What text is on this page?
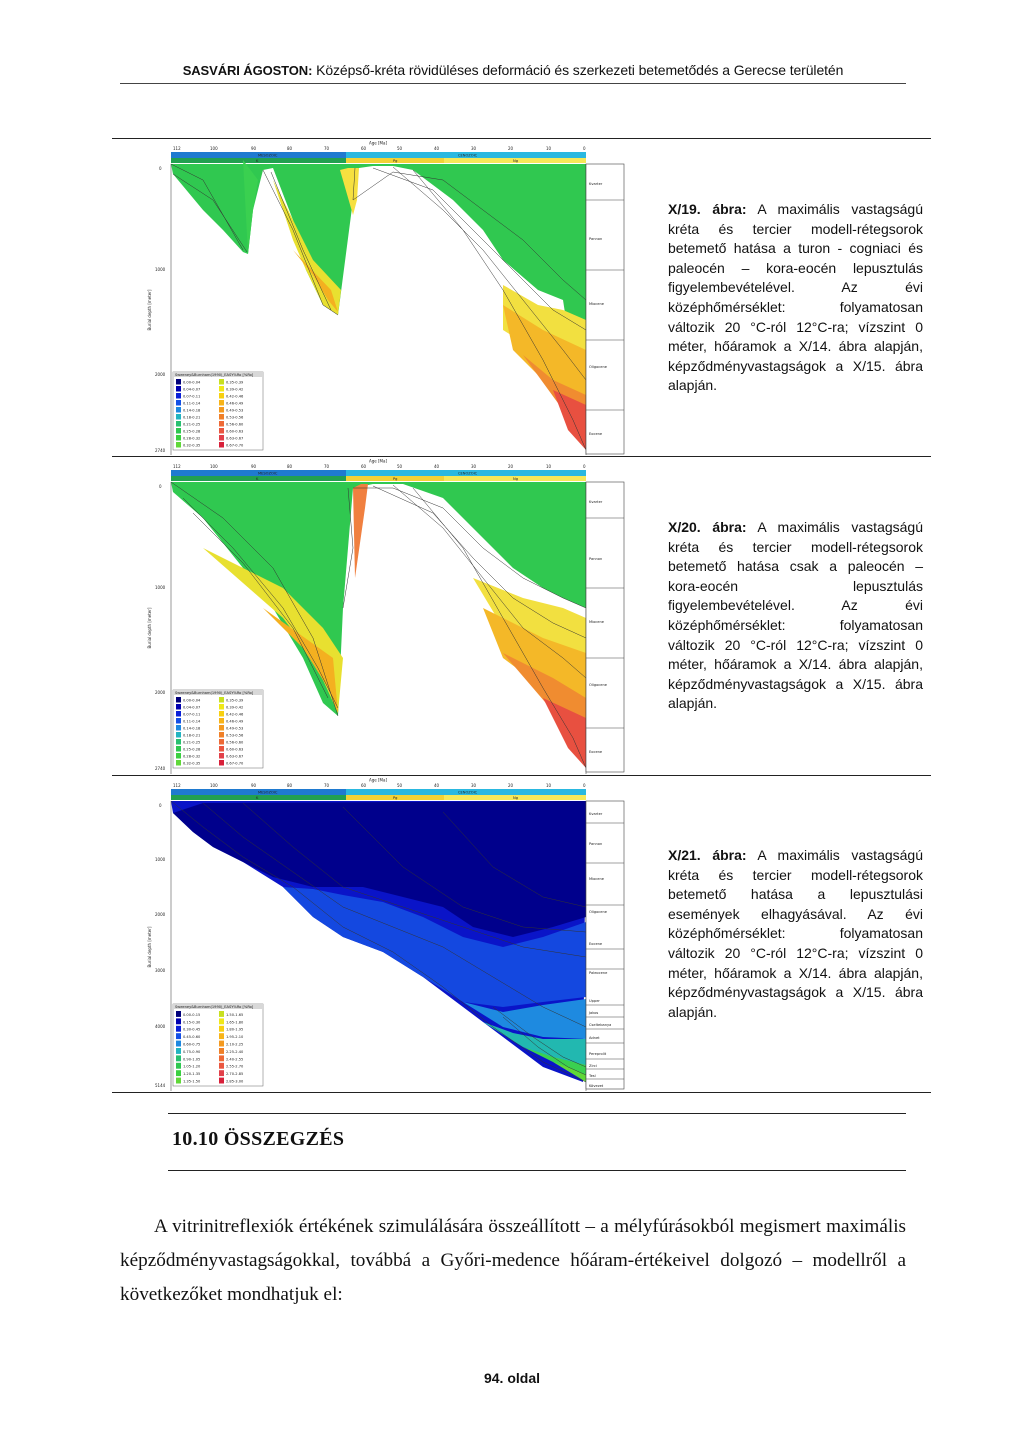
SASVÁRI ÁGOSTON: Középső-kréta rövidüléses deformáció és szerkezeti betemetődés a Gerecse területén
Age [Ma]
112	100	90	80	70	60	50	40	30	20	10	0
MESOZOIC	CENOZOIC
K	Pg	Ng
0
1000
2000
2740
Burial depth [meter]
Kvarter
Pannon
Miocene
Oligocene
Eocene
Sweeney&Burnham(1990)_EASY%Ro [%Ro]
0.00-0.04
0.04-0.07
0.07-0.11
0.11-0.14
0.14-0.18
0.18-0.21
0.21-0.25
0.25-0.28
0.28-0.32
0.32-0.35
0.35-0.39
0.39-0.42
0.42-0.46
0.46-0.49
0.49-0.53
0.53-0.56
0.56-0.60
0.60-0.63
0.63-0.67
0.67-0.70
X/19. ábra: A maximális vastagságú kréta és tercier modell-rétegsorok betemető hatása a turon - cogniaci és paleocén – kora-eocén lepusztulás figyelembevételével. Az évi középhőmérséklet: folyamatosan változik 20 °C-ról 12°C-ra; vízszint 0 méter, hőáramok a X/14. ábra alapján, képződményvastagságok a X/15. ábra alapján.
Age [Ma]
112	100	90	80	70	60	50	40	30	20	10	0
MESOZOIC	CENOZOIC
K	Pg	Ng
0
1000
2000
2740
Burial depth [meter]
Kvarter
Pannon
Miocene
Oligocene
Eocene
Sweeney&Burnham(1990)_EASY%Ro [%Ro]
0.00-0.04
0.04-0.07
0.07-0.11
0.11-0.14
0.14-0.18
0.18-0.21
0.21-0.25
0.25-0.28
0.28-0.32
0.32-0.35
0.35-0.39
0.39-0.42
0.42-0.46
0.46-0.49
0.49-0.53
0.53-0.56
0.56-0.60
0.60-0.63
0.63-0.67
0.67-0.70
X/20. ábra: A maximális vastagságú kréta és tercier modell-rétegsorok betemető hatása csak a paleocén – kora-eocén lepusztulás figyelembevételével. Az évi középhőmérséklet: folyamatosan változik 20 °C-ról 12°C-ra; vízszint 0 méter, hőáramok a X/14. ábra alapján, képződményvastagságok a X/15. ábra alapján.
Age [Ma]
112	100	90	80	70	60	50	40	30	20	10	0
MESOZOIC	CENOZOIC
K	Pg	Ng
0
1000
2000
3000
4000
5144
Burial depth [meter]
Kvarter
Pannon
Miocene
Oligocene
Eocene
Paleocene
Upper
Jakos
Cseltebanya
Adnet
Pereprolit
Zirci
Tesl
Kövezet
Sweeney&Burnham(1990)_EASY%Ro [%Ro]
0.00-0.15
0.15-0.30
0.30-0.45
0.45-0.60
0.60-0.75
0.75-0.90
0.90-1.05
1.05-1.20
1.20-1.35
1.35-1.50
1.50-1.65
1.65-1.80
1.80-1.95
1.95-2.10
2.10-2.25
2.25-2.40
2.40-2.55
2.55-2.70
2.70-2.85
2.85-3.00
X/21. ábra: A maximális vastagságú kréta és tercier modell-rétegsorok betemető hatása a lepusztulási események elhagyásával. Az évi középhőmérséklet: folyamatosan változik 20 °C-ról 12°C-ra; vízszint 0 méter, hőáramok a X/14. ábra alapján, képződményvastagságok a X/15. ábra alapján.
10.10 ÖSSZEGZÉS
A vitrinitreflexiók értékének szimulálására összeállított – a mélyfúrásokból megismert maximális képződményvastagságokkal, továbbá a Győri-medence hőáram-értékeivel dolgozó – modellről a következőket mondhatjuk el:
94. oldal
